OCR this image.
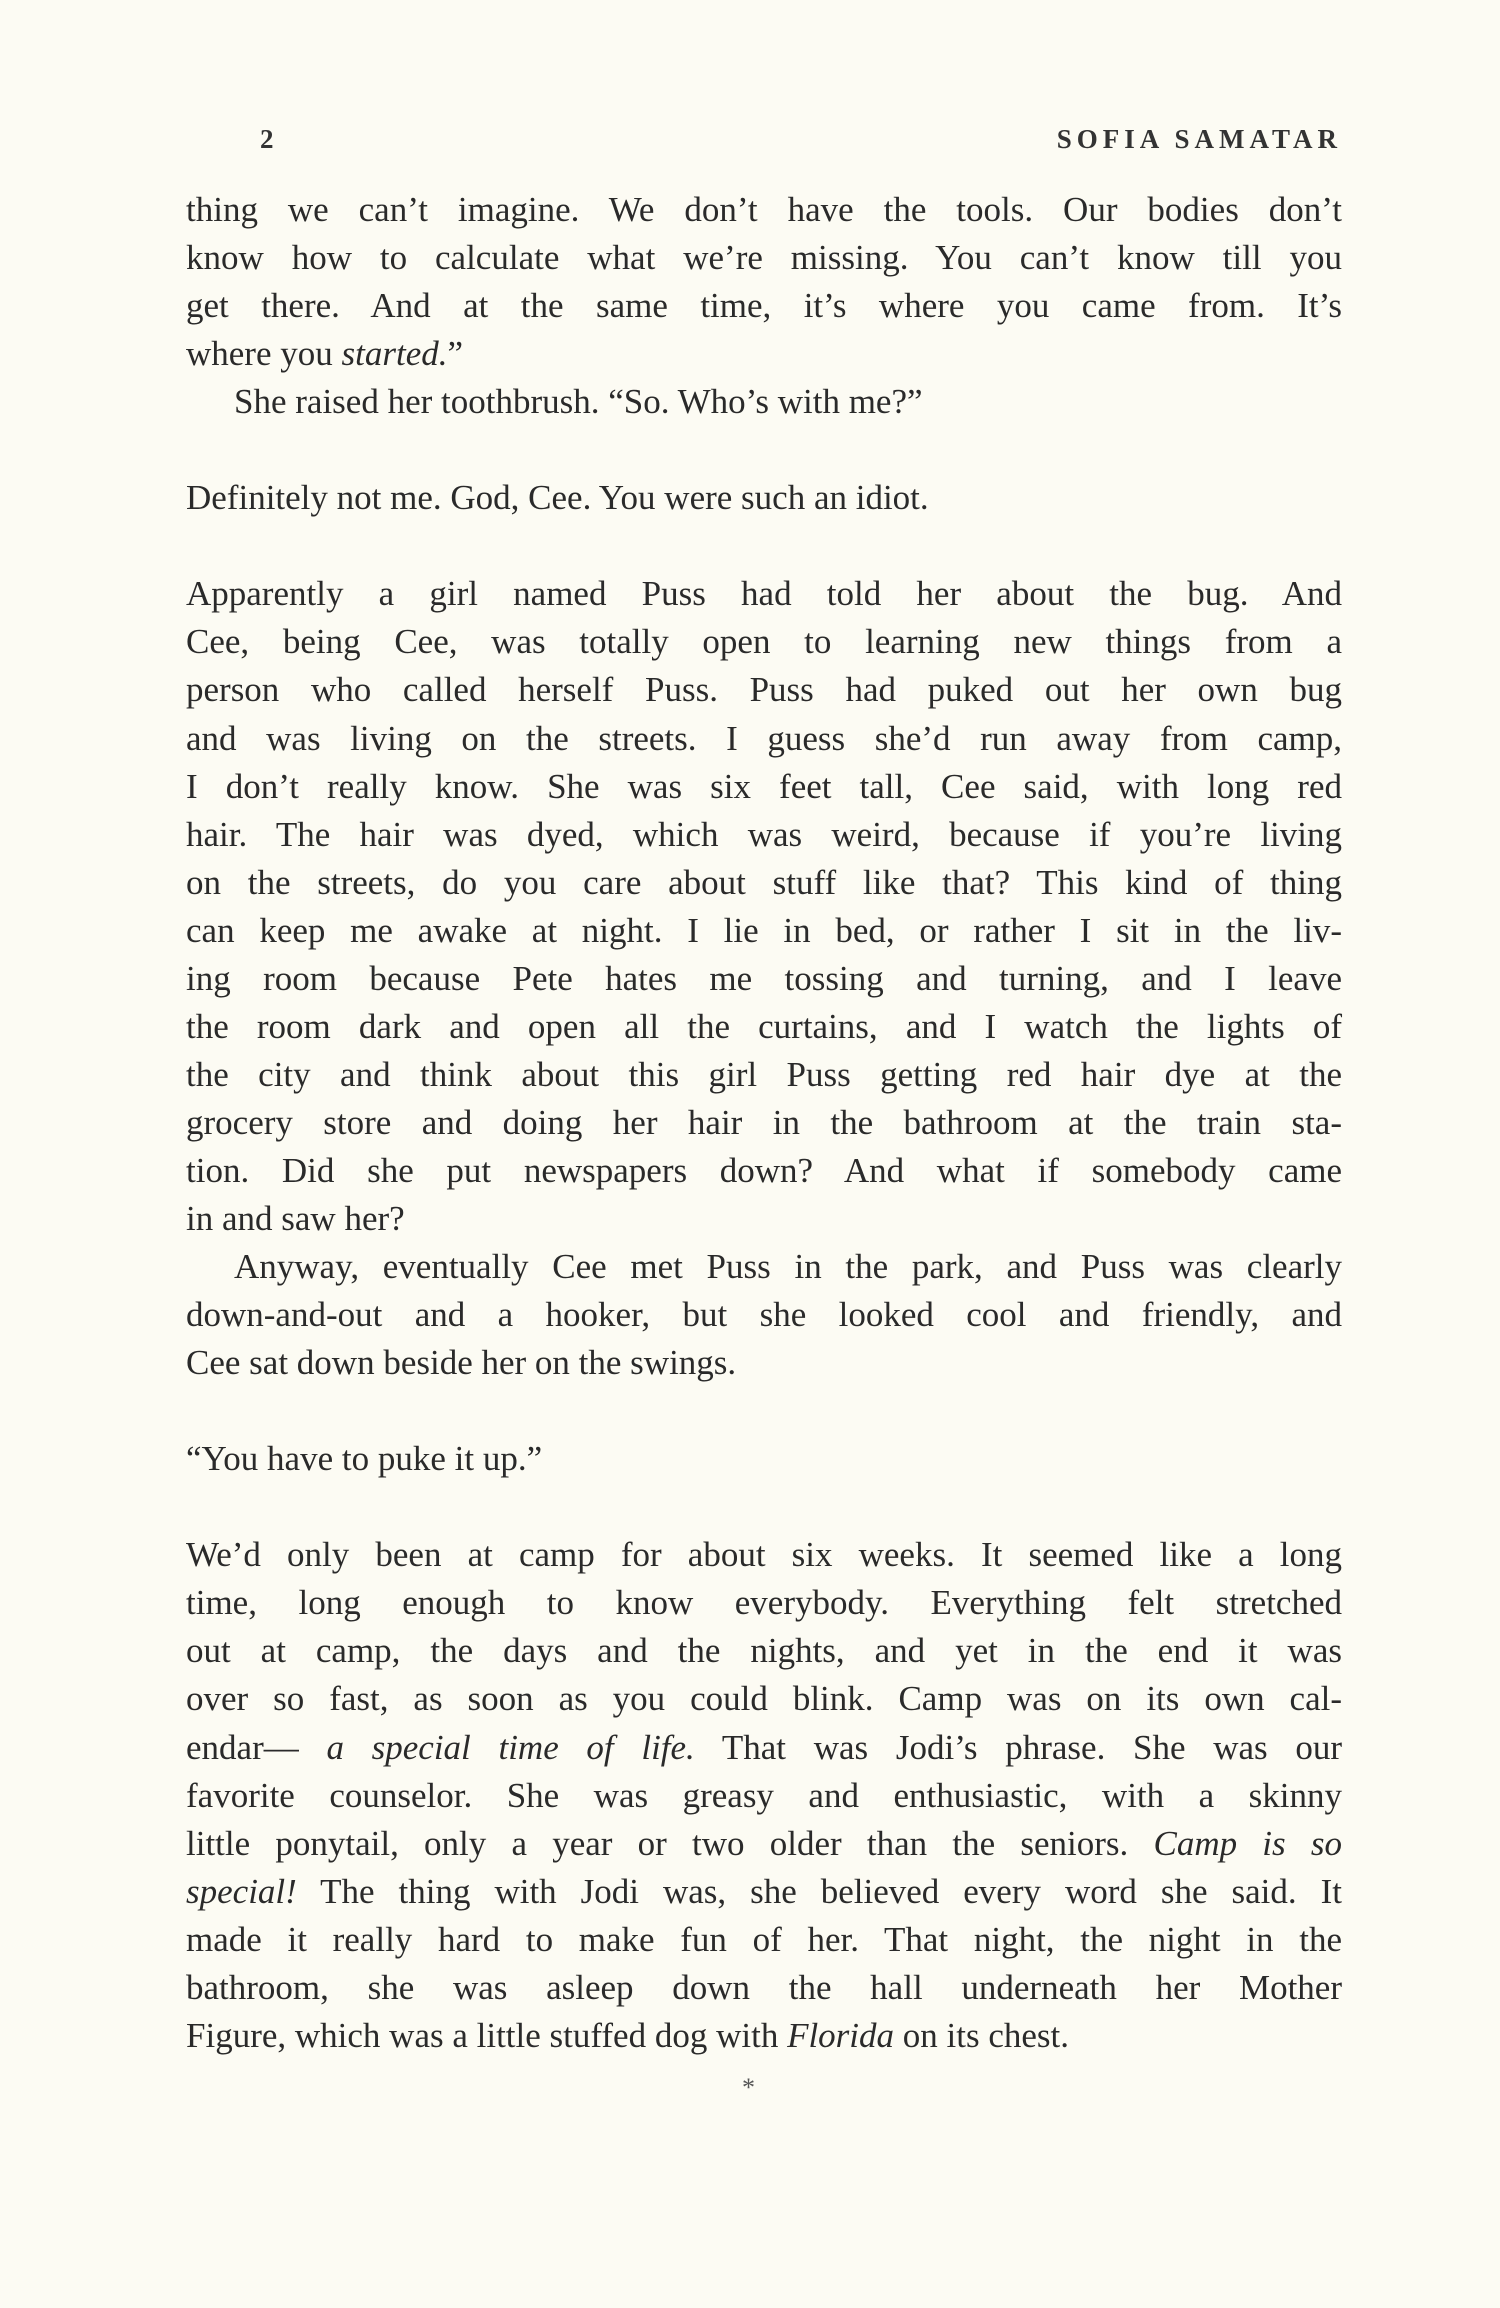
2	SOFIA SAMATAR
thing we can’t imagine. We don’t have the tools. Our bodies don’t
know how to calculate what we’re missing. You can’t know till you
get there. And at the same time, it’s where you came from. It’s
where you started.”
She raised her toothbrush. “So. Who’s with me?”
Definitely not me. God, Cee. You were such an idiot.
Apparently a girl named Puss had told her about the bug. And
Cee, being Cee, was totally open to learning new things from a
person who called herself Puss. Puss had puked out her own bug
and was living on the streets. I guess she’d run away from camp,
I don’t really know. She was six feet tall, Cee said, with long red
hair. The hair was dyed, which was weird, because if you’re living
on the streets, do you care about stuff like that? This kind of thing
can keep me awake at night. I lie in bed, or rather I sit in the liv-
ing room because Pete hates me tossing and turning, and I leave
the room dark and open all the curtains, and I watch the lights of
the city and think about this girl Puss getting red hair dye at the
grocery store and doing her hair in the bathroom at the train sta-
tion. Did she put newspapers down? And what if somebody came
in and saw her?
Anyway, eventually Cee met Puss in the park, and Puss was clearly
down-and-out and a hooker, but she looked cool and friendly, and
Cee sat down beside her on the swings.
“You have to puke it up.”
We’d only been at camp for about six weeks. It seemed like a long
time, long enough to know everybody. Everything felt stretched
out at camp, the days and the nights, and yet in the end it was
over so fast, as soon as you could blink. Camp was on its own cal-
endar— a special time of life. That was Jodi’s phrase. She was our
favorite counselor. She was greasy and enthusiastic, with a skinny
little ponytail, only a year or two older than the seniors. Camp is so
special! The thing with Jodi was, she believed every word she said. It
made it really hard to make fun of her. That night, the night in the
bathroom, she was asleep down the hall underneath her Mother
Figure, which was a little stuffed dog with Florida on its chest.
*
